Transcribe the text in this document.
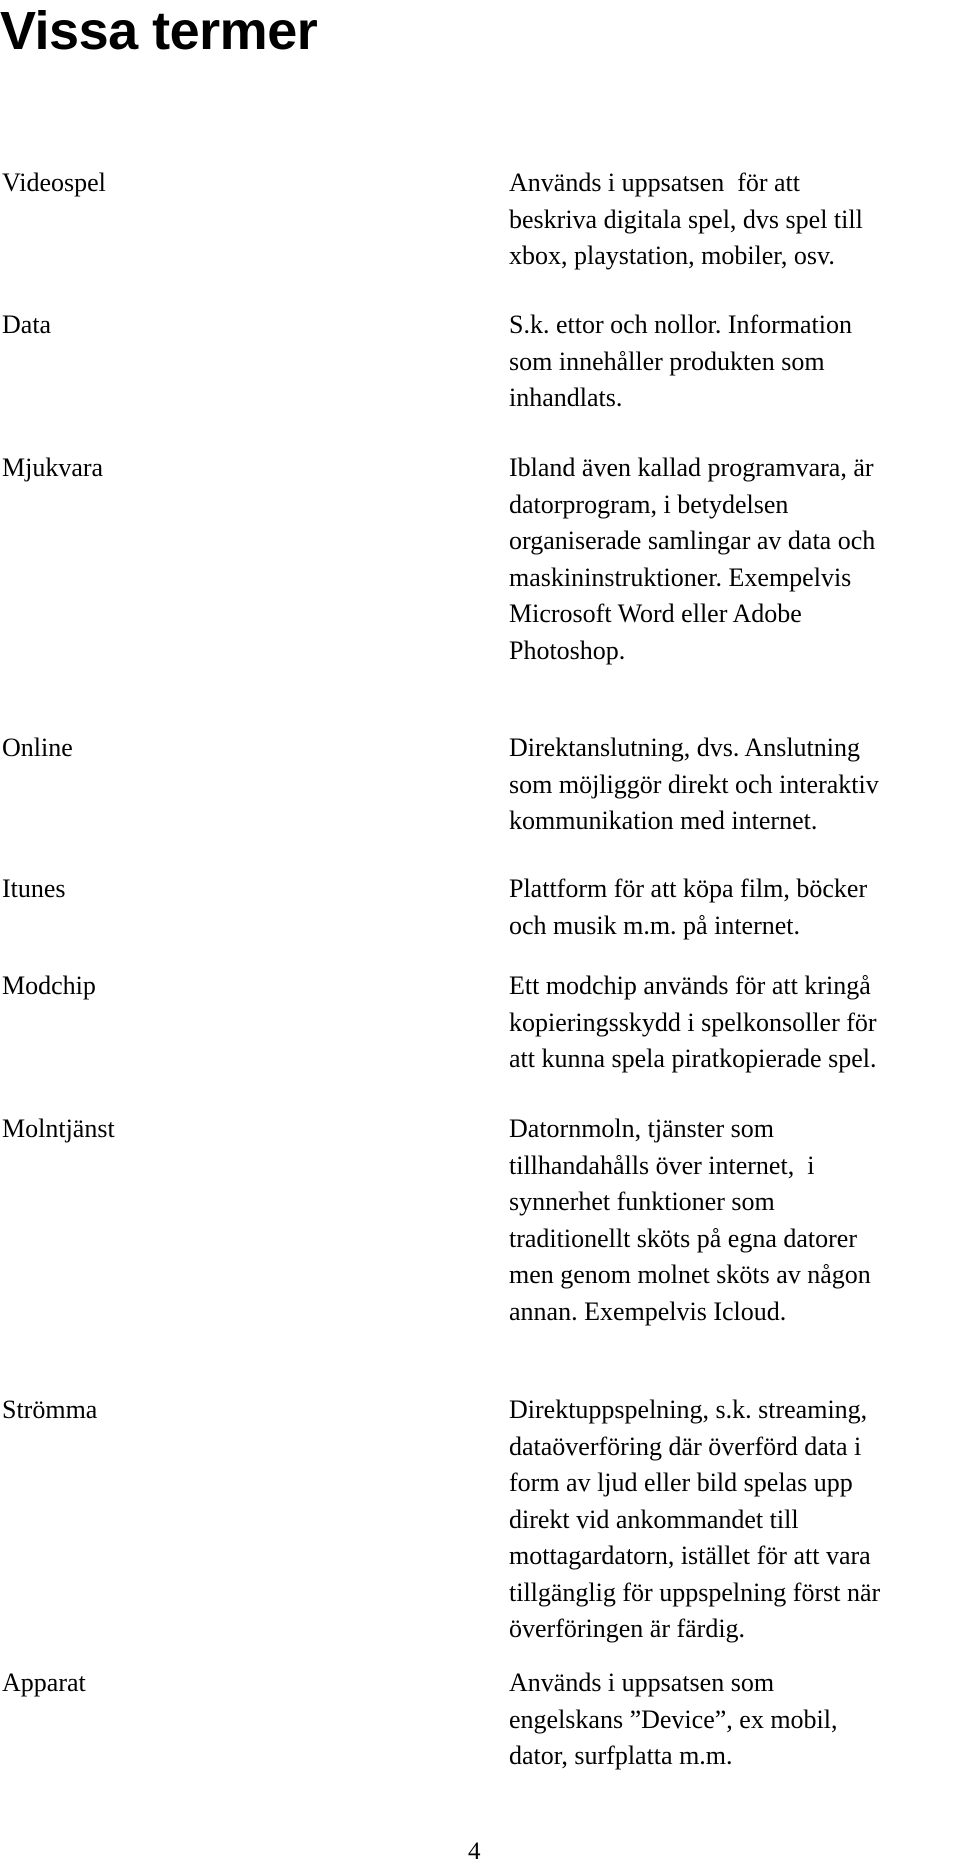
Vissa termer
Videospel	Används i uppsatsen  för att
beskriva digitala spel, dvs spel till
xbox, playstation, mobiler, osv.
Data	S.k. ettor och nollor. Information
som innehåller produkten som
inhandlats.
Mjukvara	Ibland även kallad programvara, är
datorprogram, i betydelsen
organiserade samlingar av data och
maskininstruktioner. Exempelvis
Microsoft Word eller Adobe
Photoshop.
Online	Direktanslutning, dvs. Anslutning
som möjliggör direkt och interaktiv
kommunikation med internet.
Itunes	Plattform för att köpa film, böcker
och musik m.m. på internet.
Modchip	Ett modchip används för att kringå
kopieringsskydd i spelkonsoller för
att kunna spela piratkopierade spel.
Molntjänst	Datornmoln, tjänster som
tillhandahålls över internet,  i
synnerhet funktioner som
traditionellt sköts på egna datorer
men genom molnet sköts av någon
annan. Exempelvis Icloud.
Strömma	Direktuppspelning, s.k. streaming,
dataöverföring där överförd data i
form av ljud eller bild spelas upp
direkt vid ankommandet till
mottagardatorn, istället för att vara
tillgänglig för uppspelning först när
överföringen är färdig.
Apparat	Används i uppsatsen som
engelskans ”Device”, ex mobil,
dator, surfplatta m.m.
4
